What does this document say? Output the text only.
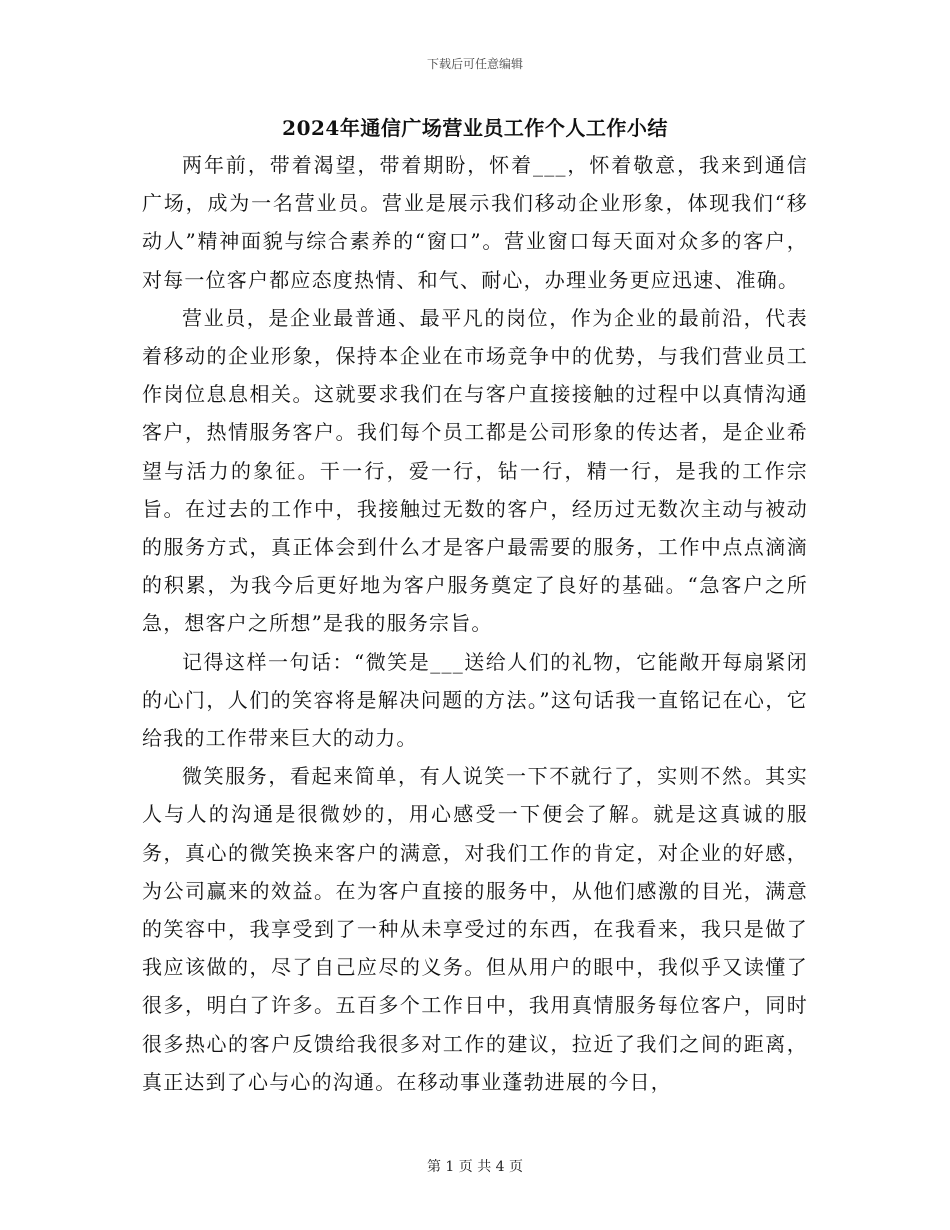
下载后可任意编辑
2024年通信广场营业员工作个人工作小结

两年前，带着渴望，带着期盼，怀着___，怀着敬意，我来到通信广场，成为一名营业员。营业是展示我们移动企业形象，体现我们“移动人”精神面貌与综合素养的“窗口”。营业窗口每天面对众多的客户，对每一位客户都应态度热情、和气、耐心，办理业务更应迅速、准确。

营业员，是企业最普通、最平凡的岗位，作为企业的最前沿，代表着移动的企业形象，保持本企业在市场竞争中的优势，与我们营业员工作岗位息息相关。这就要求我们在与客户直接接触的过程中以真情沟通客户，热情服务客户。我们每个员工都是公司形象的传达者，是企业希望与活力的象征。干一行，爱一行，钻一行，精一行，是我的工作宗旨。在过去的工作中，我接触过无数的客户，经历过无数次主动与被动的服务方式，真正体会到什么才是客户最需要的服务，工作中点点滴滴的积累，为我今后更好地为客户服务奠定了良好的基础。“急客户之所急，想客户之所想”是我的服务宗旨。

记得这样一句话：“微笑是___送给人们的礼物，它能敞开每扇紧闭的心门，人们的笑容将是解决问题的方法。”这句话我一直铭记在心，它给我的工作带来巨大的动力。

微笑服务，看起来简单，有人说笑一下不就行了，实则不然。其实人与人的沟通是很微妙的，用心感受一下便会了解。就是这真诚的服务，真心的微笑换来客户的满意，对我们工作的肯定，对企业的好感，为公司赢来的效益。在为客户直接的服务中，从他们感激的目光，满意的笑容中，我享受到了一种从未享受过的东西，在我看来，我只是做了我应该做的，尽了自己应尽的义务。但从用户的眼中，我似乎又读懂了很多，明白了许多。五百多个工作日中，我用真情服务每位客户，同时很多热心的客户反馈给我很多对工作的建议，拉近了我们之间的距离，真正达到了心与心的沟通。在移动事业蓬勃进展的今日，

第 1 页 共 4 页
